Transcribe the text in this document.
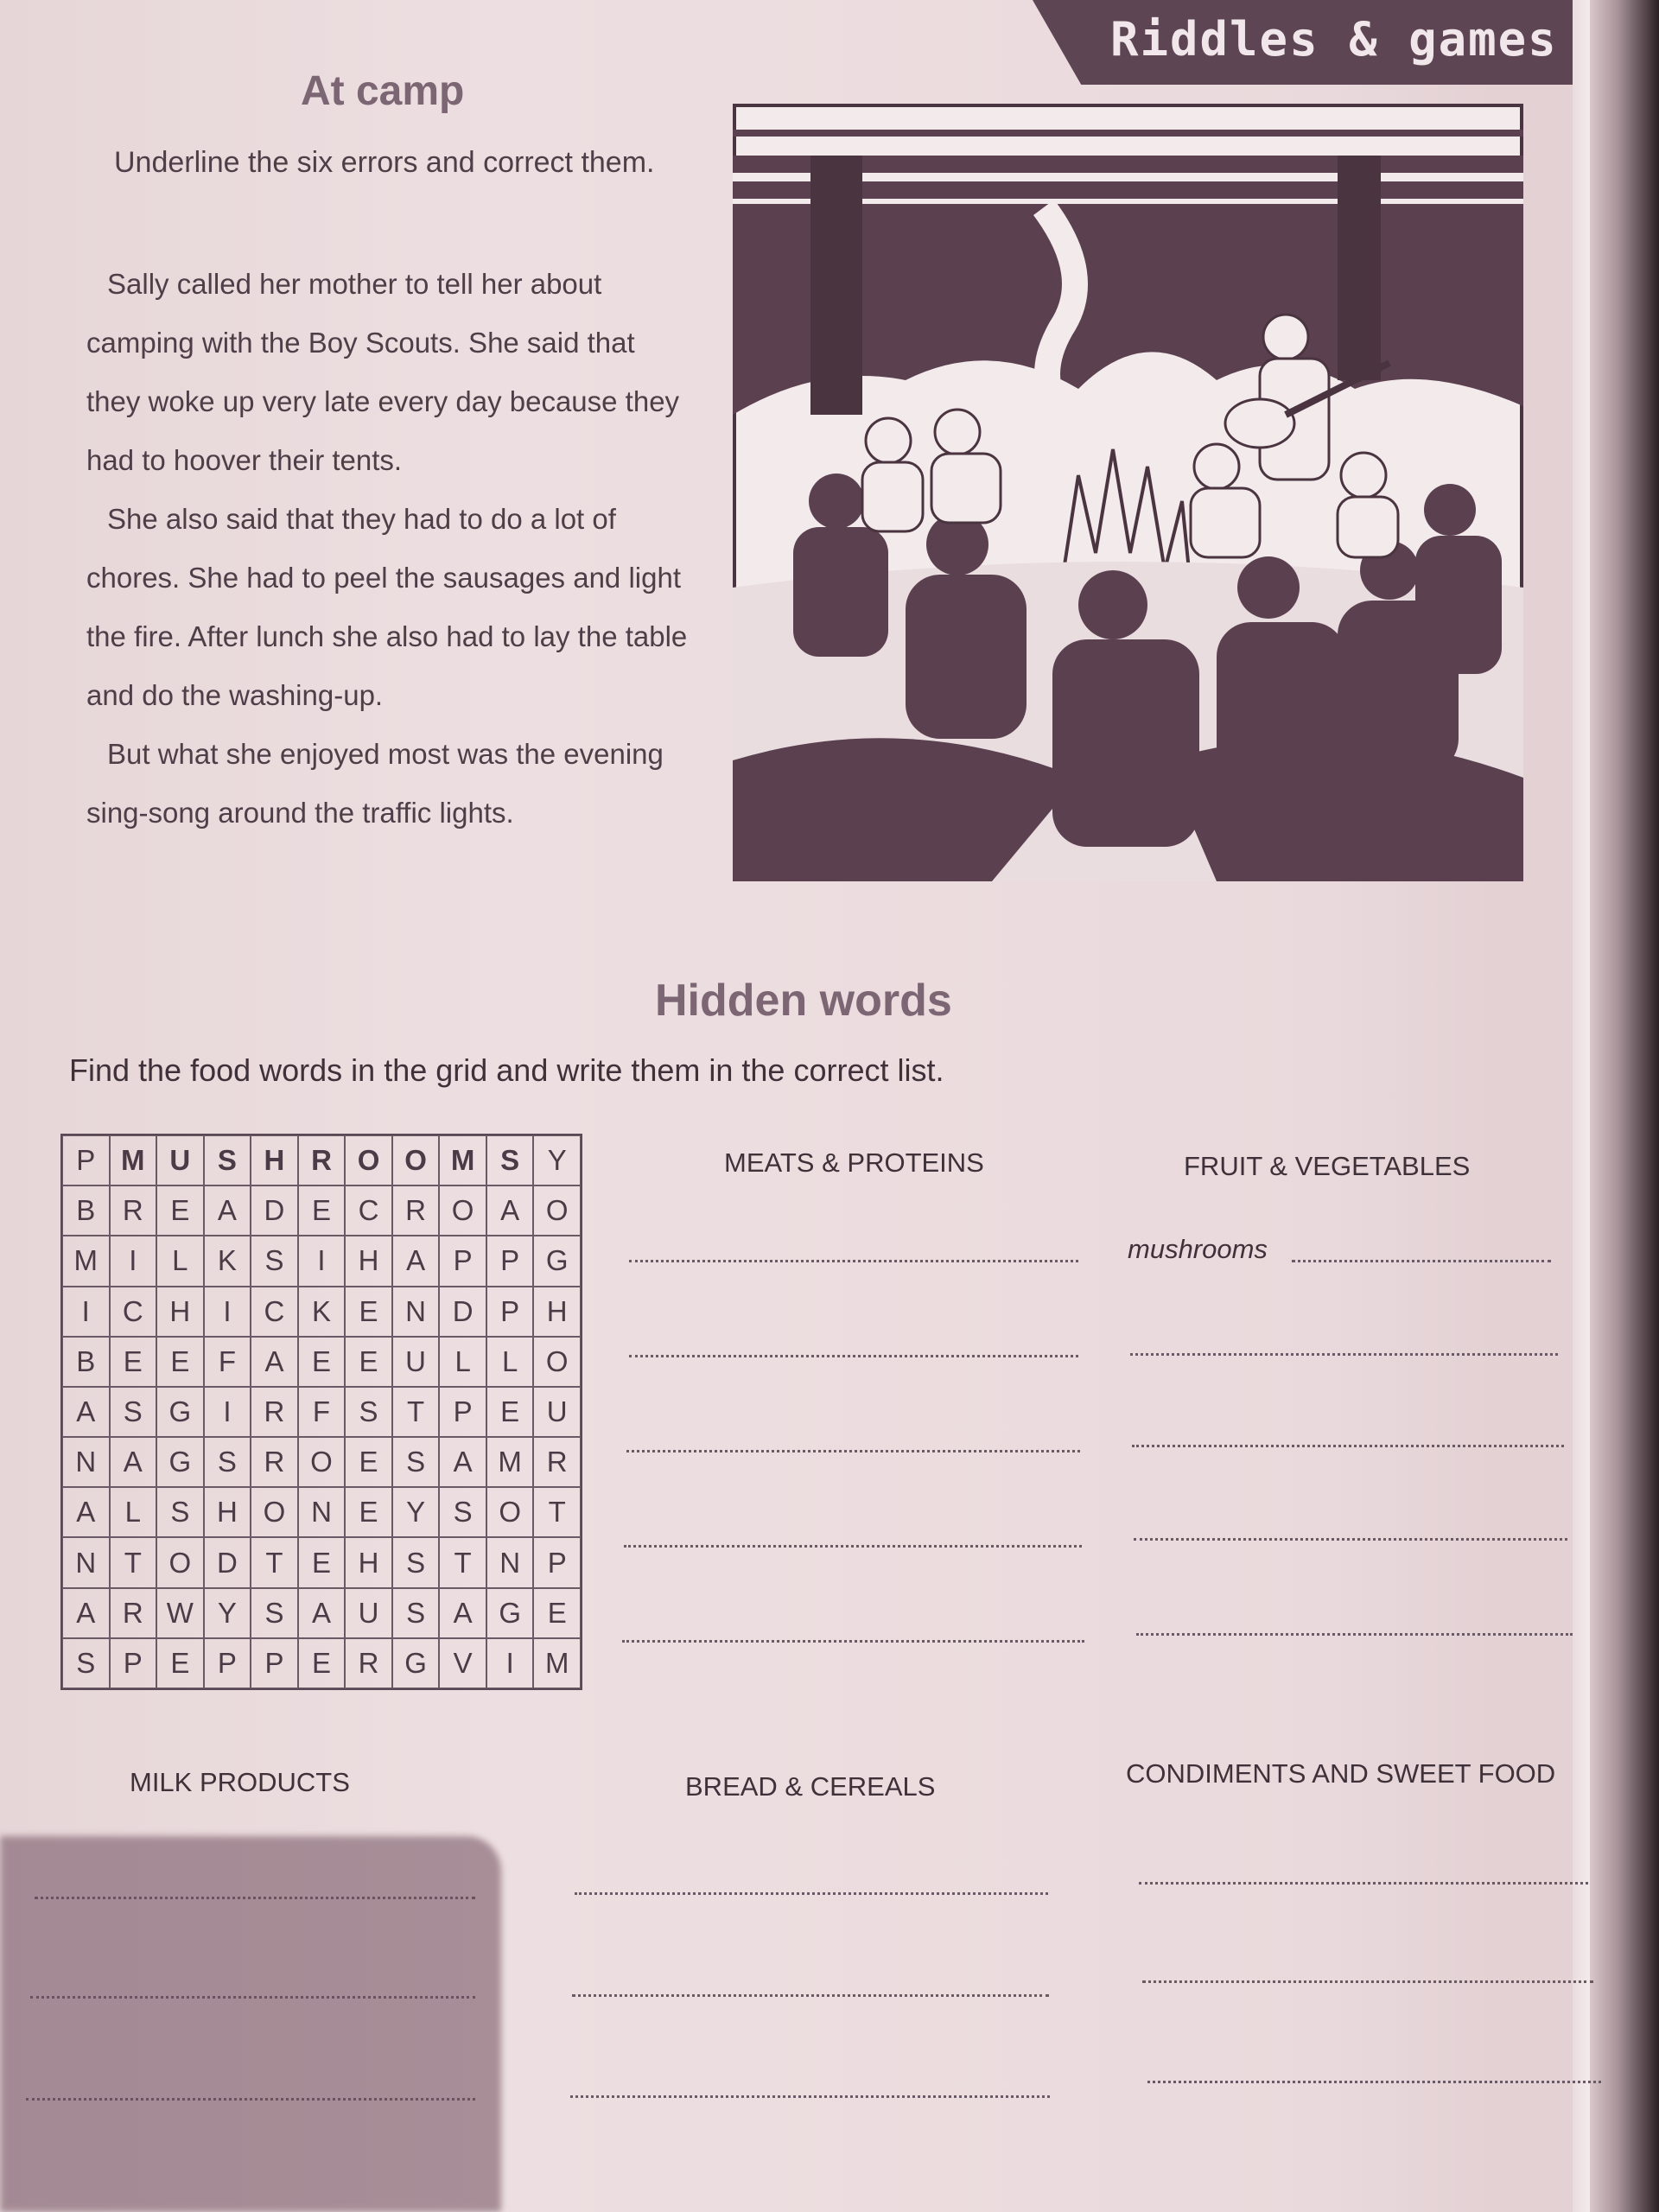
Riddles & games
At camp
Underline the six errors and correct them.

Sally called her mother to tell her about camping with the Boy Scouts. She said that they woke up very late every day because they had to hoover their tents.

She also said that they had to do a lot of chores. She had to peel the sausages and light the fire. After lunch she also had to lay the table and do the washing-up.

But what she enjoyed most was the evening sing-song around the traffic lights.

Hidden words
Find the food words in the grid and write them in the correct list.
P M U S H R O O M S Y
B R E A D E C R O A O
M	I	L	K S	I	H A P P G
I	C H	I	C K E N D P H
B E E	F	A E E U	L	L O
A S G	I	R F	S	T	P E U
N A G S R O E S A M R
A	L	S H O N E Y S O T
N T O D T	E H S	T N P
A R W Y S A U S A G E
S P E P P E R G V	I	M
MEATS & PROTEINS	FRUIT & VEGETABLES
MILK PRODUCTS	BREAD & CEREALS	CONDIMENTS AND SWEET FOOD
mushrooms
